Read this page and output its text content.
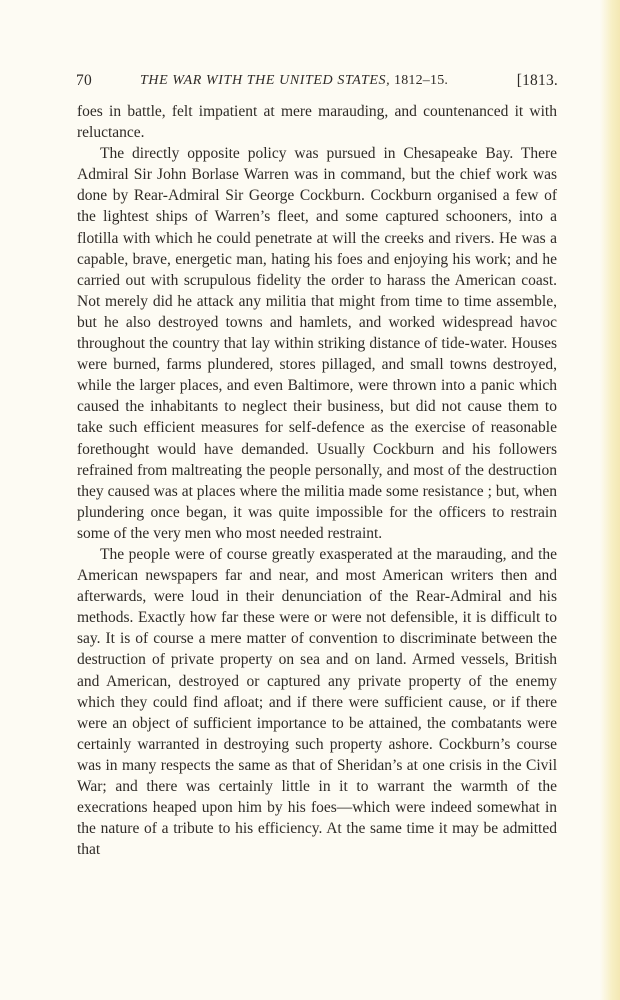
70	THE WAR WITH THE UNITED STATES, 1812–15.	[1813.

foes in battle, felt impatient at mere marauding, and countenanced it with reluctance.

The directly opposite policy was pursued in Chesapeake Bay. There Admiral Sir John Borlase Warren was in command, but the chief work was done by Rear-Admiral Sir George Cockburn. Cockburn organised a few of the lightest ships of Warren’s fleet, and some captured schooners, into a flotilla with which he could penetrate at will the creeks and rivers. He was a capable, brave, energetic man, hating his foes and enjoying his work; and he carried out with scrupulous fidelity the order to harass the American coast. Not merely did he attack any militia that might from time to time assemble, but he also destroyed towns and hamlets, and worked widespread havoc throughout the country that lay within striking distance of tide-water. Houses were burned, farms plundered, stores pillaged, and small towns destroyed, while the larger places, and even Baltimore, were thrown into a panic which caused the inhabitants to neglect their business, but did not cause them to take such efficient measures for self-defence as the exercise of reasonable forethought would have demanded. Usually Cockburn and his followers refrained from maltreating the people personally, and most of the destruction they caused was at places where the militia made some resistance ; but, when plundering once began, it was quite impossible for the officers to restrain some of the very men who most needed restraint.

The people were of course greatly exasperated at the marauding, and the American newspapers far and near, and most American writers then and afterwards, were loud in their denunciation of the Rear-Admiral and his methods. Exactly how far these were or were not defensible, it is difficult to say. It is of course a mere matter of convention to discriminate between the destruction of private property on sea and on land. Armed vessels, British and American, destroyed or captured any private property of the enemy which they could find afloat; and if there were sufficient cause, or if there were an object of sufficient importance to be attained, the combatants were certainly warranted in destroying such property ashore. Cockburn’s course was in many respects the same as that of Sheridan’s at one crisis in the Civil War; and there was certainly little in it to warrant the warmth of the execrations heaped upon him by his foes—which were indeed somewhat in the nature of a tribute to his efficiency. At the same time it may be admitted that
